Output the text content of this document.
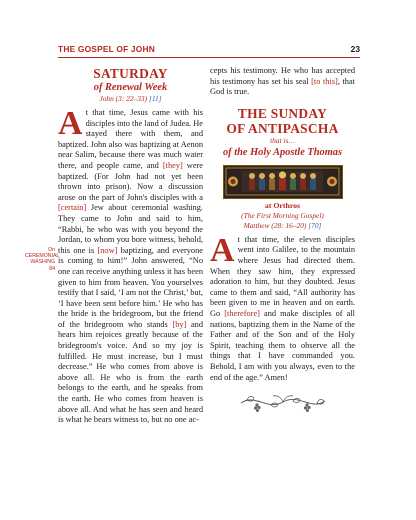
THE GOSPEL OF JOHN	23
SATURDAY
of Renewal Week
John (3: 22–33) [11]

At that time, Jesus came with his disciples into the land of Judea. He stayed there with them, and baptized. John also was baptizing at Aenon near Salim, because there was much water there, and people came, and [they] were baptized. (For John had not yet been thrown into prison). Now a discussion arose on the part of John's disciples with a [certain] Jew about ceremonial washing. They came to John and said to him, “Rabbi, he who was with you beyond the Jordan, to whom you bore witness, behold, this one is [now] baptizing, and everyone is coming to him!” John answered, “No one can receive anything unless it has been given to him from heaven. You yourselves testify that I said, ‘I am not the Christ,’ but, ‘I have been sent before him.’ He who has the bride is the bridegroom, but the friend of the bridegroom who stands [by] and hears him rejoices greatly because of the bridegroom's voice. And so my joy is fulfilled. He must increase, but I must decrease.” He who comes from above is above all. He who is from the earth belongs to the earth, and he speaks from the earth. He who comes from heaven is above all. And what he has seen and heard is what he bears witness to, but no one ac-

On
CEREMONIAL
WASHING
84

cepts his testimony. He who has accepted his testimony has set his seal [to this], that God is true.

THE SUNDAY
OF ANTIPASCHA
that is…
of the Holy Apostle Thomas
at Orthros
(The First Morning Gospel)
Matthew (28: 16–20) [70]

At that time, the eleven disciples went into Galilee, to the mountain where Jesus had directed them. When they saw him, they expressed adoration to him, but they doubted. Jesus came to them and said, “All authority has been given to me in heaven and on earth. Go [therefore] and make disciples of all nations, baptizing them in the Name of the Father and of the Son and of the Holy Spirit, teaching them to observe all the things that I have commanded you. Behold, I am with you always, even to the end of the age.” Amen!
